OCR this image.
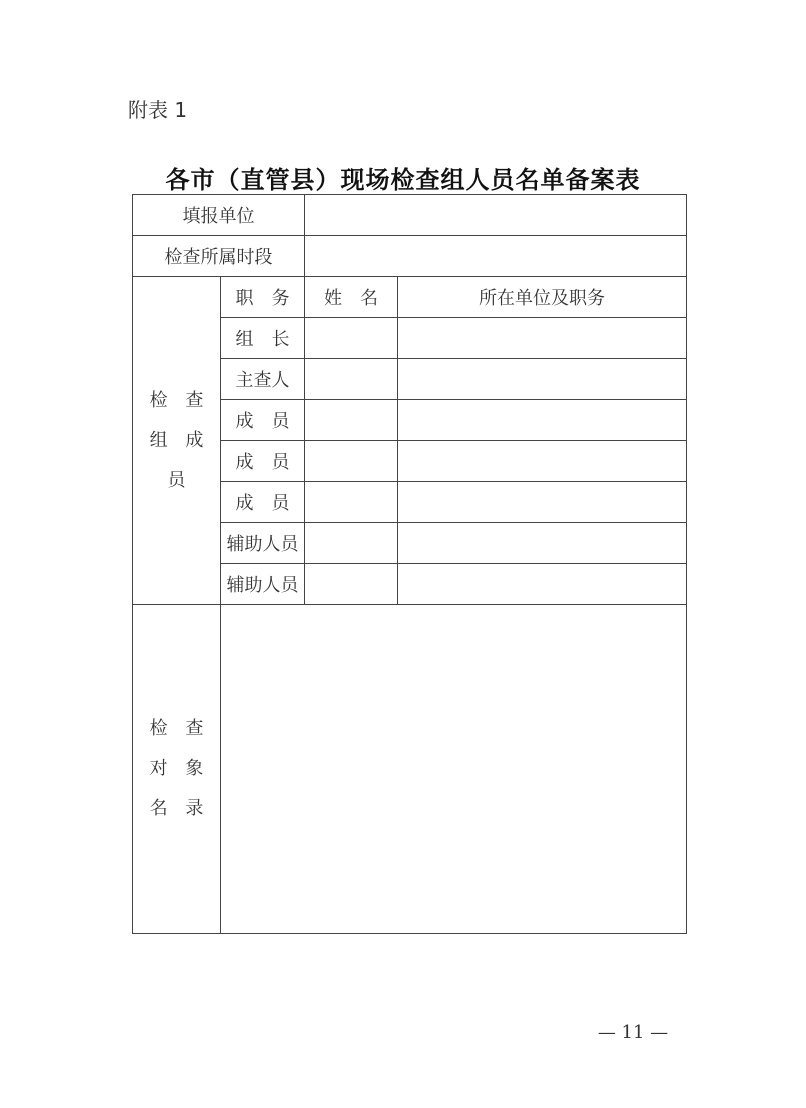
附表 1
各市（直管县）现场检查组人员名单备案表
填报单位			
检查所属时段			

检 查
组 成
员	职　务	姓　名	所在单位及职务
	组　长		
	主查人		
	成　员		
	成　员		
	成　员		
	辅助人员		
	辅助人员		

检 查
对 象
名 录			

— 11 —
